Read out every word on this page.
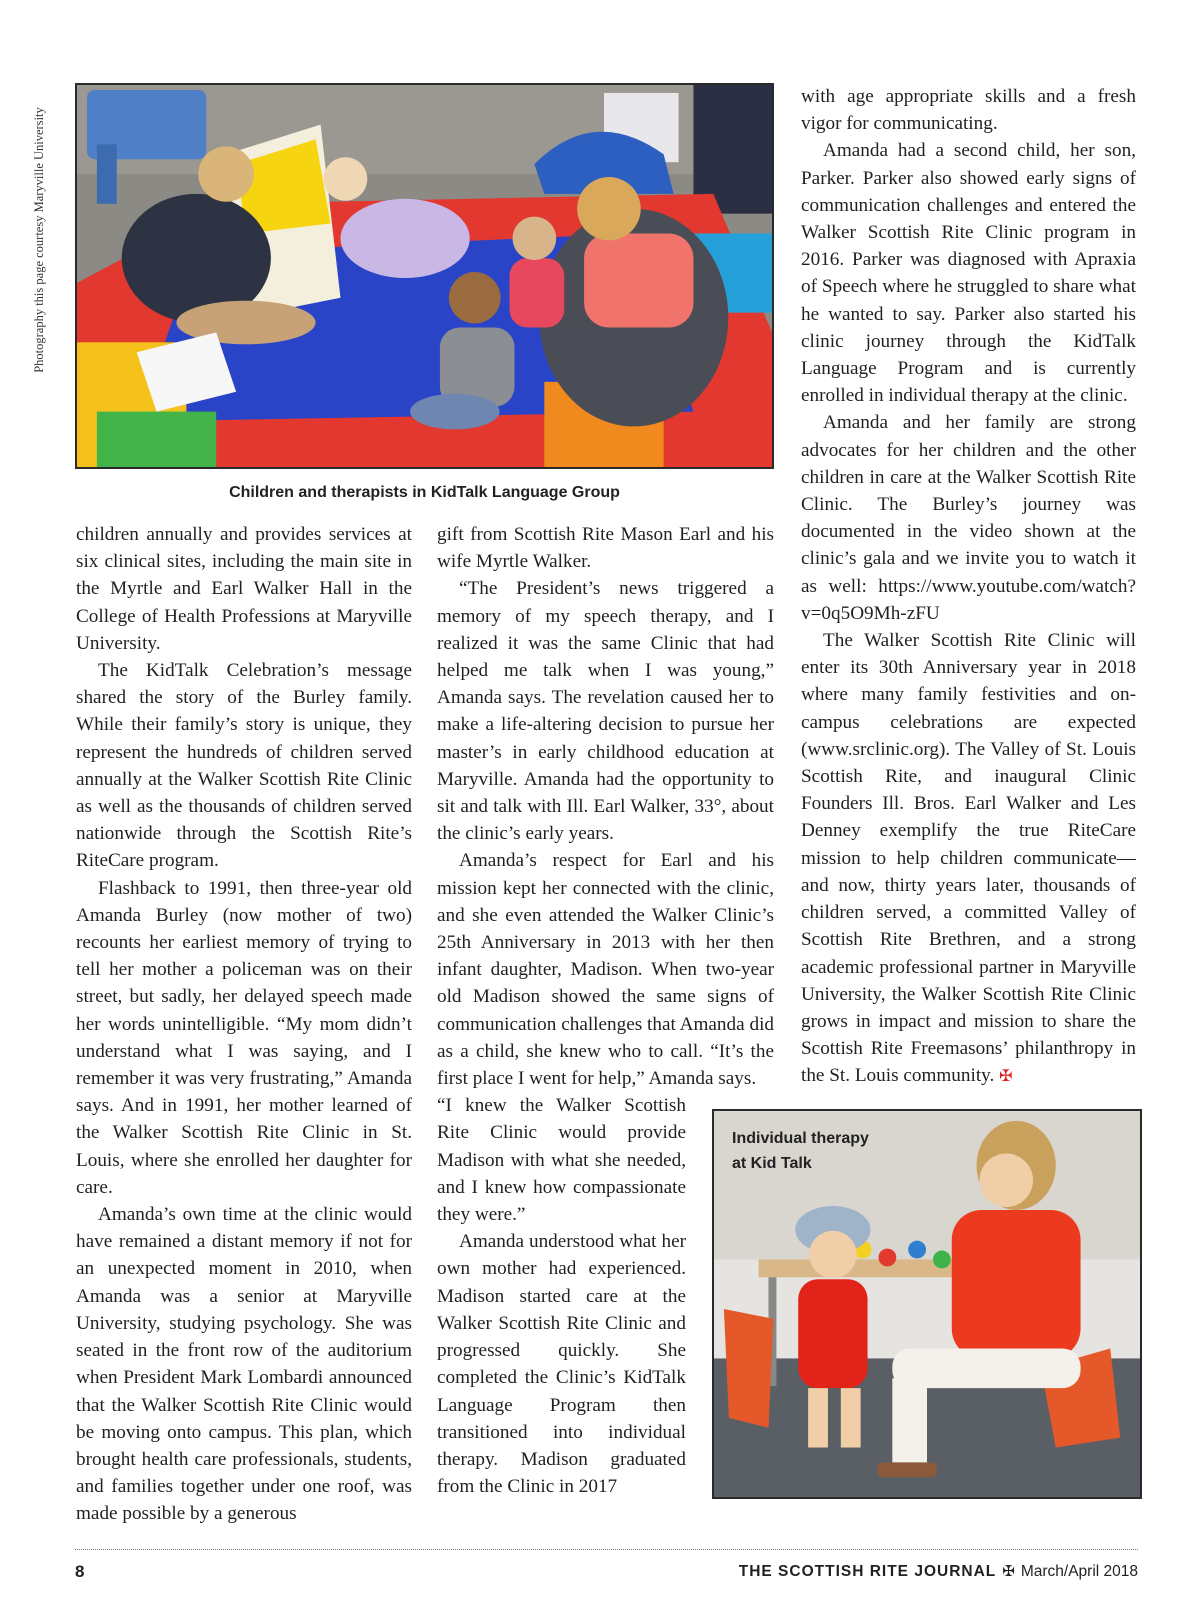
Photography this page courtesy Maryville University
Children and therapists in KidTalk Language Group

children annually and provides services at six clinical sites, including the main site in the Myrtle and Earl Walker Hall in the College of Health Professions at Maryville University.

The KidTalk Celebration’s message shared the story of the Burley family. While their family’s story is unique, they represent the hundreds of children served annually at the Walker Scottish Rite Clinic as well as the thousands of children served nationwide through the Scottish Rite’s RiteCare program.

Flashback to 1991, then three-year old Amanda Burley (now mother of two) recounts her earliest memory of trying to tell her mother a policeman was on their street, but sadly, her delayed speech made her words unintelligible. “My mom didn’t understand what I was saying, and I remember it was very frustrating,” Amanda says. And in 1991, her mother learned of the Walker Scottish Rite Clinic in St. Louis, where she enrolled her daughter for care.

Amanda’s own time at the clinic would have remained a distant memory if not for an unexpected moment in 2010, when Amanda was a senior at Maryville University, studying psychology. She was seated in the front row of the auditorium when President Mark Lombardi announced that the Walker Scottish Rite Clinic would be moving onto campus. This plan, which brought health care professionals, students, and families together under one roof, was made possible by a generous

gift from Scottish Rite Mason Earl and his wife Myrtle Walker.

“The President’s news triggered a memory of my speech therapy, and I realized it was the same Clinic that had helped me talk when I was young,” Amanda says. The revelation caused her to make a life-altering decision to pursue her master’s in early childhood education at Maryville. Amanda had the opportunity to sit and talk with Ill. Earl Walker, 33°, about the clinic’s early years.

Amanda’s respect for Earl and his mission kept her connected with the clinic, and she even attended the Walker Clinic’s 25th Anniversary in 2013 with her then infant daughter, Madison. When two-year old Madison showed the same signs of communication challenges that Amanda did as a child, she knew who to call. “It’s the first place I went for help,” Amanda says.

“I knew the Walker Scottish Rite Clinic would provide Madison with what she needed, and I knew how compassionate they were.”

Amanda understood what her own mother had experienced. Madison started care at the Walker Scottish Rite Clinic and progressed quickly. She completed the Clinic’s KidTalk Language Program then transitioned into individual therapy. Madison graduated from the Clinic in 2017

with age appropriate skills and a fresh vigor for communicating.

Amanda had a second child, her son, Parker. Parker also showed early signs of communication challenges and entered the Walker Scottish Rite Clinic program in 2016. Parker was diagnosed with Apraxia of Speech where he struggled to share what he wanted to say. Parker also started his clinic journey through the KidTalk Language Program and is currently enrolled in individual therapy at the clinic.

Amanda and her family are strong advocates for her children and the other children in care at the Walker Scottish Rite Clinic. The Burley’s journey was documented in the video shown at the clinic’s gala and we invite you to watch it as well: https://www.youtube.com/watch?v=0q5O9Mh-zFU

The Walker Scottish Rite Clinic will enter its 30th Anniversary year in 2018 where many family festivities and on-campus celebrations are expected (www.srclinic.org). The Valley of St. Louis Scottish Rite, and inaugural Clinic Founders Ill. Bros. Earl Walker and Les Denney exemplify the true RiteCare mission to help children communicate—and now, thirty years later, thousands of children served, a committed Valley of Scottish Rite Brethren, and a strong academic professional partner in Maryville University, the Walker Scottish Rite Clinic grows in impact and mission to share the Scottish Rite Freemasons’ philanthropy in the St. Louis community. ✠

Individual therapy
at Kid Talk
8	THE SCOTTISH RITE JOURNAL ✠ March/April 2018
